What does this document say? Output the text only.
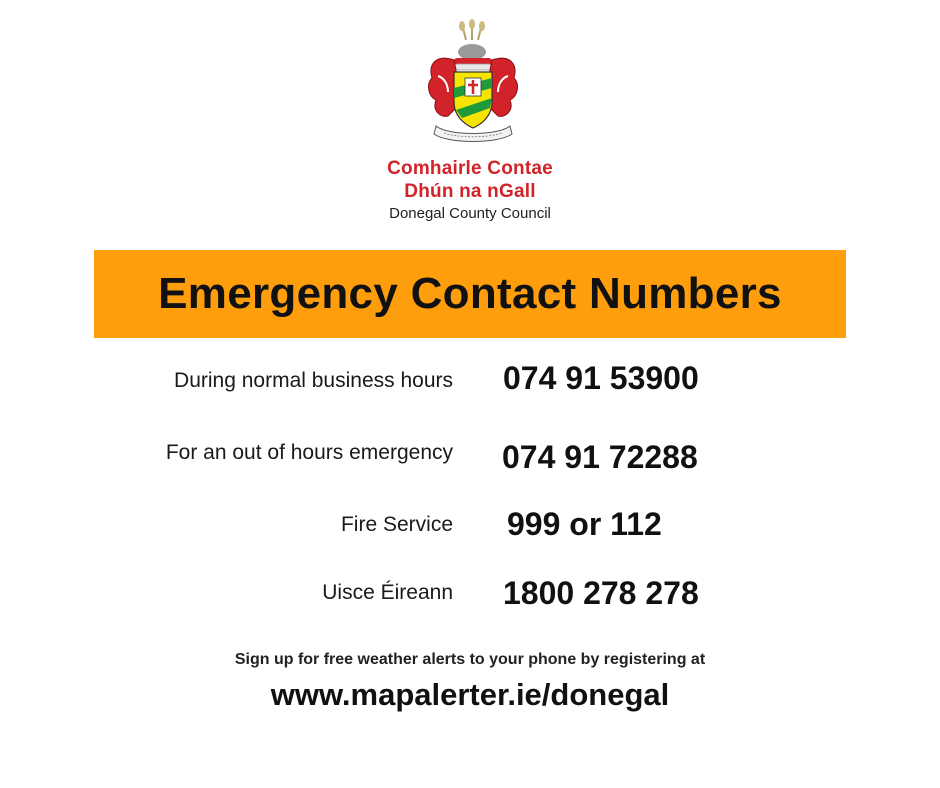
Comhairle Contae
Dhún na nGall
Donegal County Council
Emergency Contact Numbers
During normal business hours 074 91 53900
For an out of hours emergency 074 91 72288
Fire Service 999 or 112
Uisce Éireann 1800 278 278
Sign up for free weather alerts to your phone by registering at
www.mapalerter.ie/donegal
